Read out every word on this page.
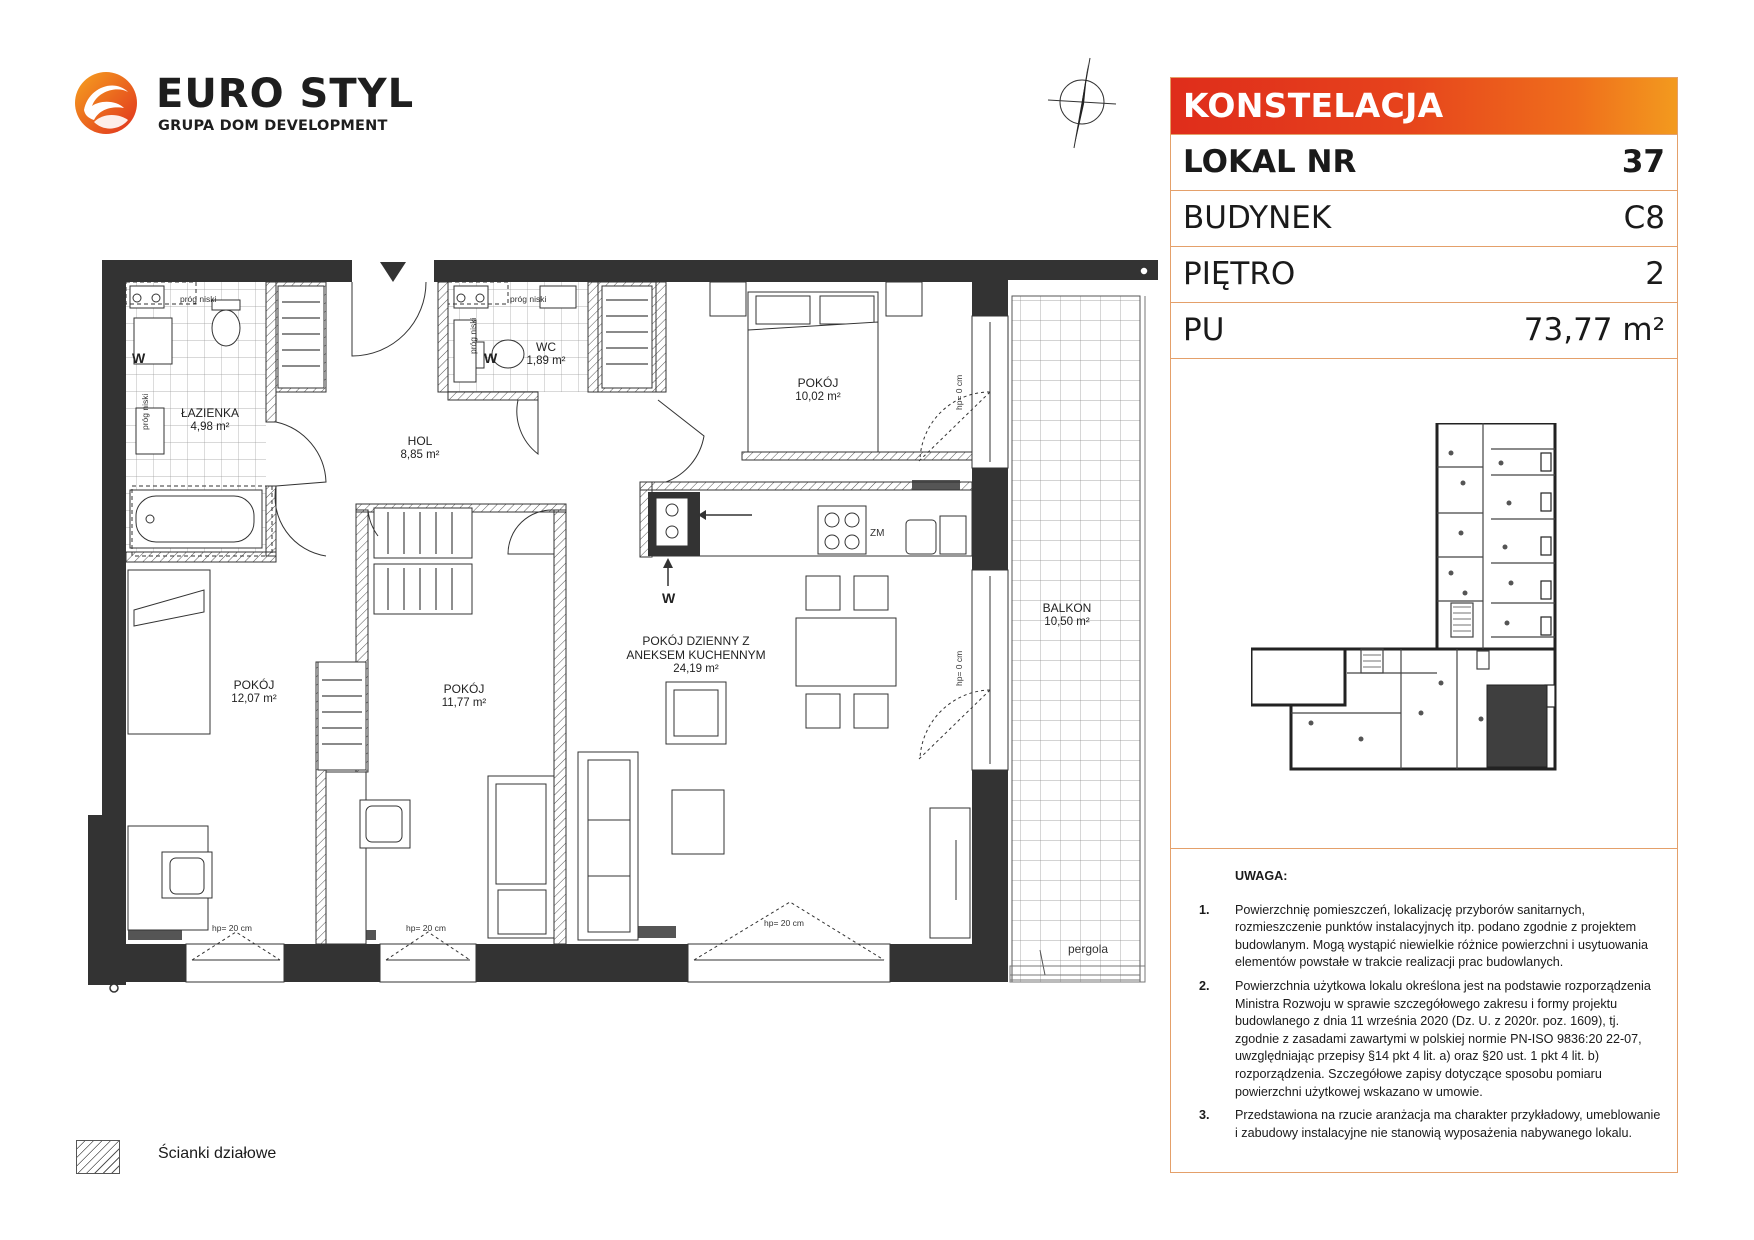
EURO STYL
GRUPA DOM DEVELOPMENT
ŁAZIENKA
4,98 m²
WC
1,89 m²
HOL
8,85 m²
POKÓJ
10,02 m²
POKÓJ
12,07 m²
POKÓJ
11,77 m²

POKÓJ DZIENNY Z
ANEKSEM KUCHENNYM

24,19 m²

BALKON
10,50 m²
próg niski	próg niski
próg niski
próg niski
hp= 0 cm
hp= 0 cm
hp= 20 cm	hp= 20 cm	hp= 20 cm
ZM
pergola
W	W
W
KONSTELACJA
LOKAL NR	37
BUDYNEK	C8
PIĘTRO	2
PU	73,77 m²
UWAGA:
1. Powierzchnię pomieszczeń, lokalizację przyborów sanitarnych, rozmieszczenie punktów instalacyjnych itp. podano zgodnie z projektem budowlanym. Mogą wystąpić niewielkie różnice powierzchni i usytuowania elementów powstałe w trakcie realizacji prac budowlanych.
2. Powierzchnia użytkowa lokalu określona jest na podstawie rozporządzenia Ministra Rozwoju w sprawie szczegółowego zakresu i formy projektu budowlanego z dnia 11 września 2020 (Dz. U. z 2020r. poz. 1609), tj. zgodnie z zasadami zawartymi w polskiej normie PN-ISO 9836:20 22-07, uwzględniając przepisy §14 pkt 4 lit. a) oraz §20 ust. 1 pkt 4 lit. b) rozporządzenia. Szczegółowe zapisy dotyczące sposobu pomiaru powierzchni użytkowej wskazano w umowie.
3. Przedstawiona na rzucie aranżacja ma charakter przykładowy, umeblowanie i zabudowy instalacyjne nie stanowią wyposażenia nabywanego lokalu.
Ścianki działowe
